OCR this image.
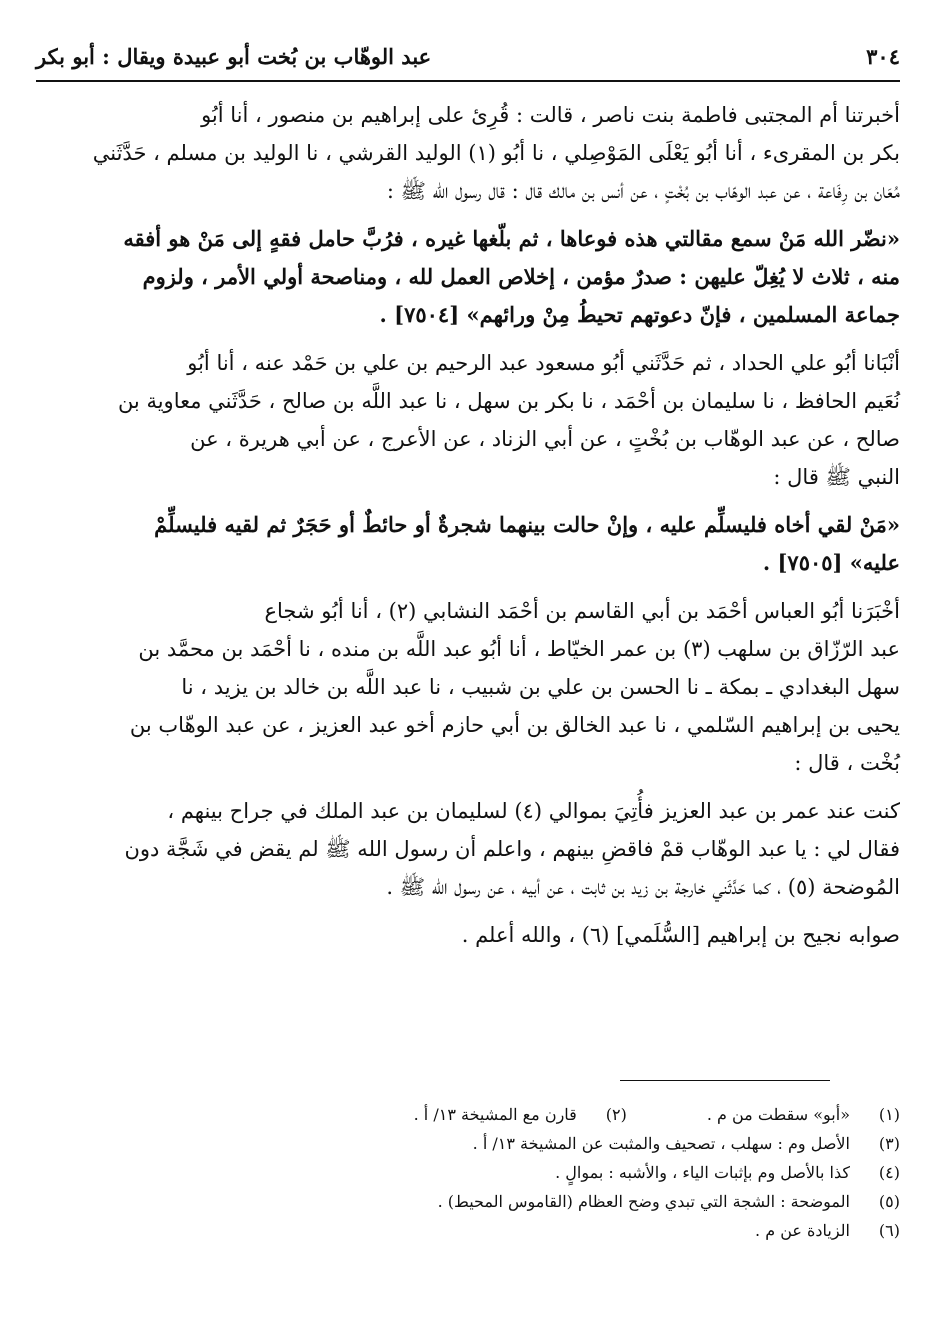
٣٠٤
عبد الوهّاب بن بُخت أبو عبيدة ويقال : أبو بكر
أخبرتنا أم المجتبى فاطمة بنت ناصر ، قالت : قُرِئ على إبراهيم بن منصور ، أنا أبُو
بكر بن المقرىء ، أنا أبُو يَعْلَى المَوْصِلي ، نا أبُو (١) الوليد القرشي ، نا الوليد بن مسلم ، حَدَّثَني
مُعَان بن رِفَاعة ، عن عبد الوهّاب بن بُخْتٍ ، عن أنس بن مالك قال : قال رسول الله ﷺ :
«نضّر الله مَنْ سمع مقالتي هذه فوعاها ، ثم بلّغها غيره ، فرُبَّ حامل فقهٍ إلى مَنْ هو أفقه
منه ، ثلاث لا يُغِلّ عليهن : صدرٌ مؤمن ، إخلاص العمل لله ، ومناصحة أولي الأمر ، ولزوم
جماعة المسلمين ، فإنّ دعوتهم تحيطُ مِنْ ورائهم» [٧٥٠٤] .
أنْبَانا أبُو علي الحداد ، ثم حَدَّثَني أبُو مسعود عبد الرحيم بن علي بن حَمْد عنه ، أنا أبُو
نُعَيم الحافظ ، نا سليمان بن أحْمَد ، نا بكر بن سهل ، نا عبد اللَّه بن صالح ، حَدَّثَني معاوية بن
صالح ، عن عبد الوهّاب بن بُخْتٍ ، عن أبي الزناد ، عن الأعرج ، عن أبي هريرة ، عن
النبي ﷺ قال :
«مَنْ لقي أخاه فليسلِّم عليه ، وإنْ حالت بينهما شجرةٌ أو حائطٌ أو حَجَرٌ ثم لقيه فليسلِّمْ
عليه» [٧٥٠٥] .
أخْبَرَنا أبُو العباس أحْمَد بن أبي القاسم بن أحْمَد النشابي (٢) ، أنا أبُو شجاع
عبد الرّزّاق بن سلهب (٣) بن عمر الخيّاط ، أنا أبُو عبد اللَّه بن منده ، نا أحْمَد بن محمَّد بن
سهل البغدادي ـ بمكة ـ نا الحسن بن علي بن شبيب ، نا عبد اللَّه بن خالد بن يزيد ، نا
يحيى بن إبراهيم السّلمي ، نا عبد الخالق بن أبي حازم أخو عبد العزيز ، عن عبد الوهّاب بن
بُخْت ، قال :
كنت عند عمر بن عبد العزيز فأُتِيَ بموالي (٤) لسليمان بن عبد الملك في جراح بينهم ،
فقال لي : يا عبد الوهّاب قمْ فاقضِ بينهم ، واعلم أن رسول الله ﷺ لم يقض في شَجَّة دون
المُوضحة (٥) ، كما حَدَّثَني خارجة بن زيد بن ثابت ، عن أبيه ، عن رسول الله ﷺ .
صوابه نجيح بن إبراهيم [السُّلَمي] (٦) ، والله أعلم .
(١)
«أبو» سقطت من م .
(٢)
قارن مع المشيخة ١٣/ أ .
(٣)
الأصل وم : سهلب ، تصحيف والمثبت عن المشيخة ١٣/ أ .
(٤)
كذا بالأصل وم بإثبات الياء ، والأشبه : بموالٍ .
(٥)
الموضحة : الشجة التي تبدي وضح العظام (القاموس المحيط) .
(٦)
الزيادة عن م .
